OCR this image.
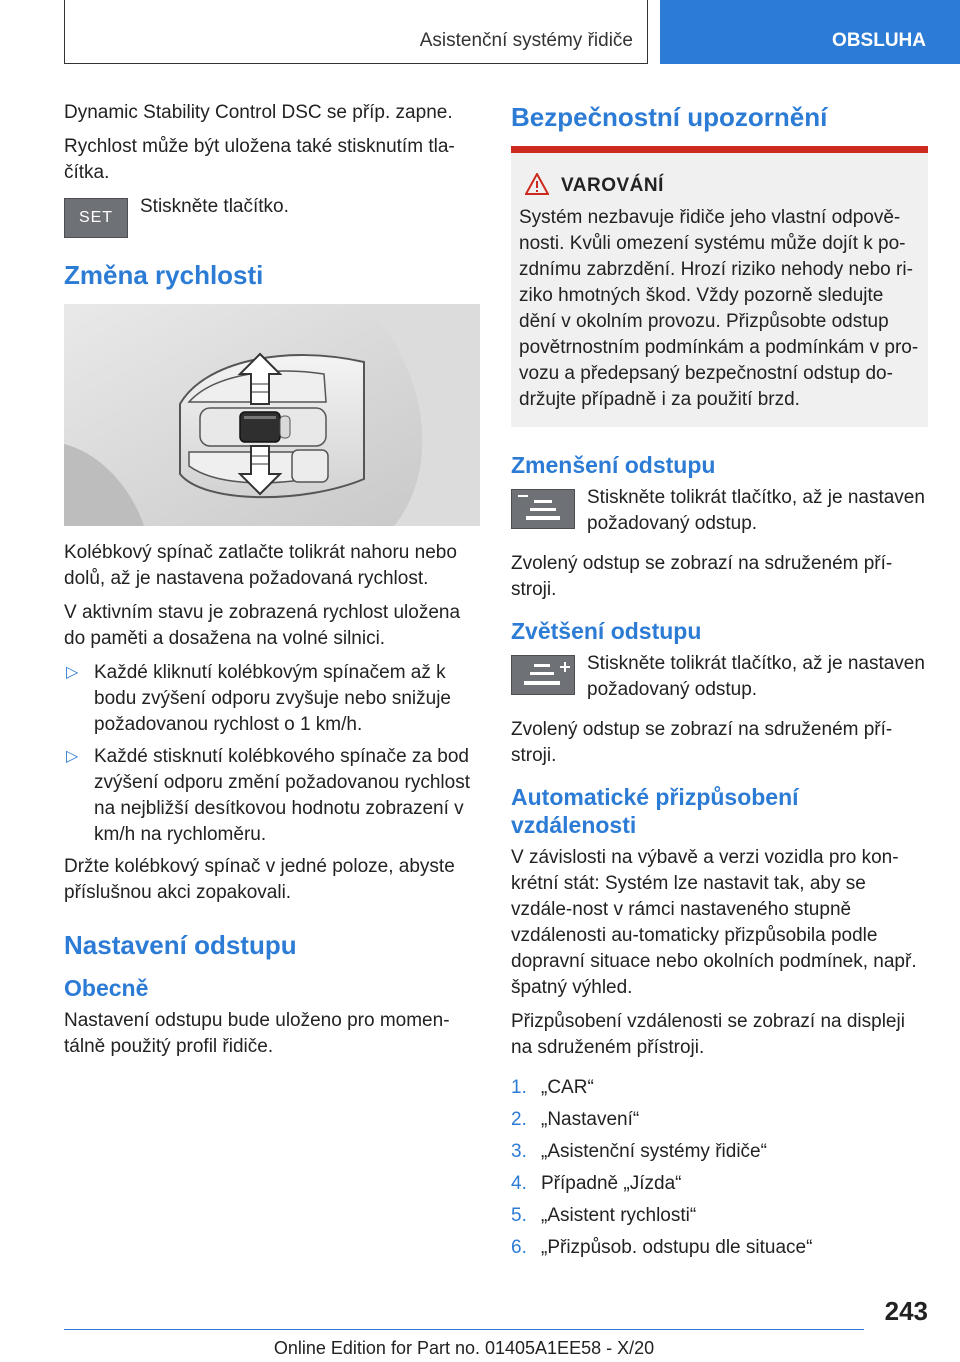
Asistenční systémy řidiče	OBSLUHA

Dynamic Stability Control DSC se příp. zapne.

Rychlost může být uložena také stisknutím tla-čítka.

SET
Stiskněte tlačítko.
Změna rychlosti

Kolébkový spínač zatlačte tolikrát nahoru nebo dolů, až je nastavena požadovaná rychlost.

V aktivním stavu je zobrazená rychlost uložena do paměti a dosažena na volné silnici.

▷ Každé kliknutí kolébkovým spínačem až k bodu zvýšení odporu zvyšuje nebo snižuje požadovanou rychlost o 1 km/h.
▷ Každé stisknutí kolébkového spínače za bod zvýšení odporu změní požadovanou rychlost na nejbližší desítkovou hodnotu zobrazení v km/h na rychloměru.

Držte kolébkový spínač v jedné poloze, abyste příslušnou akci zopakovali.

Nastavení odstupu
Obecně

Nastavení odstupu bude uloženo pro momen-tálně použitý profil řidiče.

Bezpečnostní upozornění
VAROVÁNÍ
Systém nezbavuje řidiče jeho vlastní odpově-nosti. Kvůli omezení systému může dojít k po-zdnímu zabrzdění. Hrozí riziko nehody nebo ri-ziko hmotných škod. Vždy pozorně sledujte dění v okolním provozu. Přizpůsobte odstup povětrnostním podmínkám a podmínkám v pro-vozu a předepsaný bezpečnostní odstup do-držujte případně i za použití brzd.
Zmenšení odstupu
Stiskněte tolikrát tlačítko, až je nastaven požadovaný odstup.

Zvolený odstup se zobrazí na sdruženém pří-stroji.

Zvětšení odstupu
Stiskněte tolikrát tlačítko, až je nastaven požadovaný odstup.

Zvolený odstup se zobrazí na sdruženém pří-stroji.

Automatické přizpůsobení vzdálenosti

V závislosti na výbavě a verzi vozidla pro kon-krétní stát: Systém lze nastavit tak, aby se vzdále-nost v rámci nastaveného stupně vzdálenosti au-tomaticky přizpůsobila podle dopravní situace nebo okolních podmínek, např. špatný výhled.

Přizpůsobení vzdálenosti se zobrazí na displeji na sdruženém přístroji.

1. „CAR“
2. „Nastavení“
3. „Asistenční systémy řidiče“
4. Případně „Jízda“
5. „Asistent rychlosti“
6. „Přizpůsob. odstupu dle situace“
243
Online Edition for Part no. 01405A1EE58 - X/20
